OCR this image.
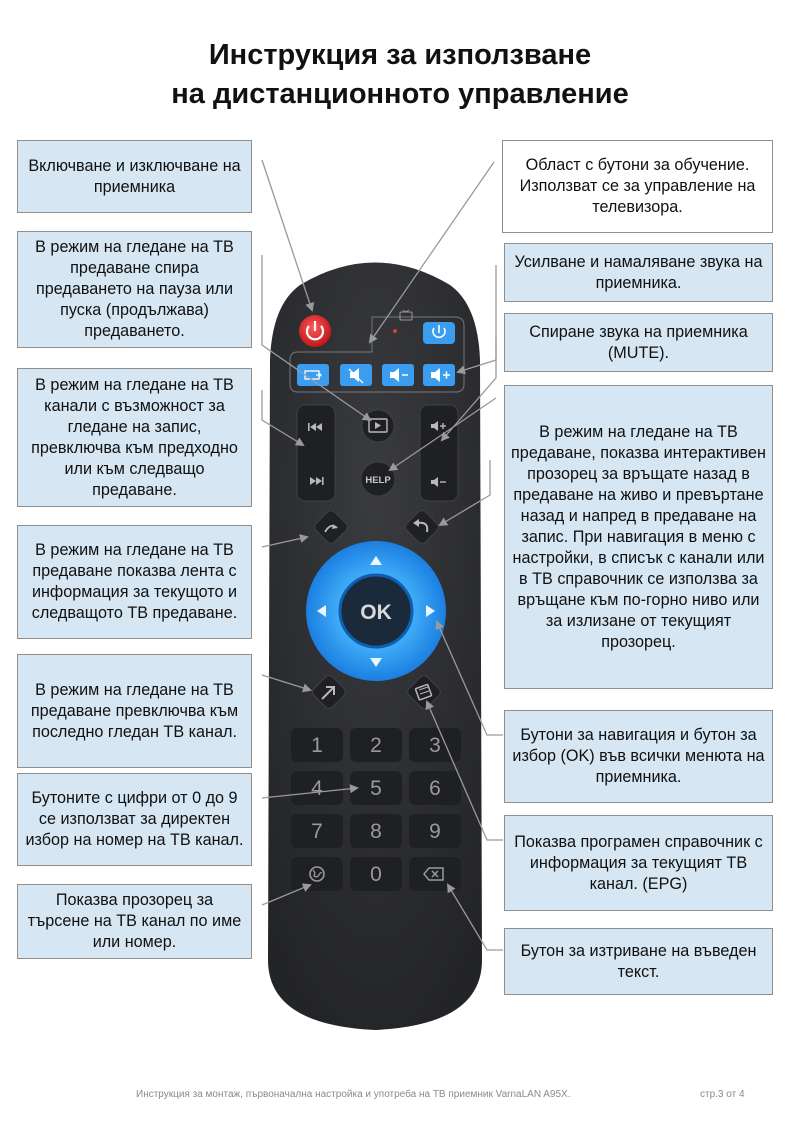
Инструкция за използване
на дистанционното управление
HELP
OK
1 2 3
4 5 6
7 8 9
0
Включване и изключване на приемника
В режим на гледане на ТВ предаване спира предаването на пауза или пуска (продължава) предаването.
В режим на гледане на ТВ канали с възможност за гледане на запис, превключва към предходно или към следващо предаване.
В режим на гледане на ТВ предаване показва лента с информация за текущото и следващото ТВ предаване.
В режим на гледане на ТВ предаване превключва към последно гледан ТВ канал.
Бутоните с цифри от 0 до 9 се използват за директен избор на номер на ТВ канал.
Показва прозорец за търсене на ТВ канал по име или номер.
Област с бутони за обучение. Използват се за управление на телевизора.
Усилване и намаляване звука на приемника.
Спиране звука на приемника (MUTE).
В режим на гледане на ТВ предаване, показва интерактивен прозорец за връщате назад в предаване на живо и превъртане назад и напред в предаване на запис. При навигация в меню с настройки, в списък с канали или в ТВ справочник се използва за връщане към по-горно ниво или за излизане от текущият прозорец.
Бутони за навигация и бутон за избор (OK) във всички менюта на приемника.
Показва програмен справочник с информация за текущият ТВ канал. (EPG)
Бутон за изтриване на въведен текст.
Инструкция за монтаж, първоначална настройка и употреба на ТВ приемник VarnaLAN A95X.	стр.3 от 4
